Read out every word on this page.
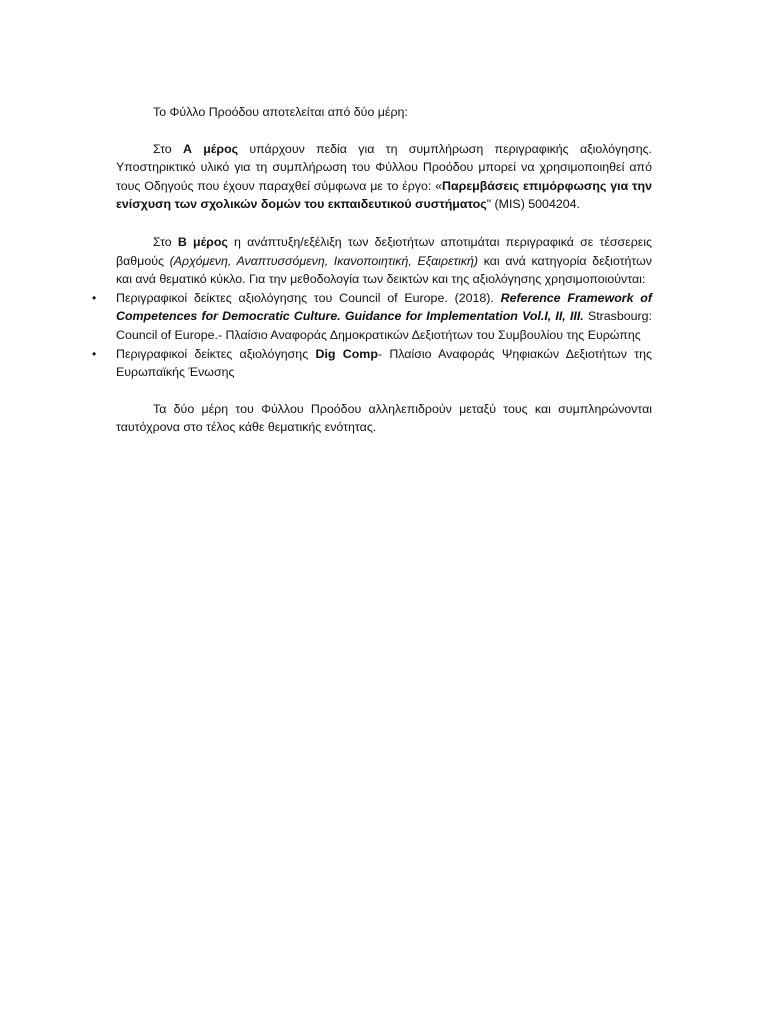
Το Φύλλο Προόδου αποτελείται από δύο μέρη:

Στο Α μέρος υπάρχουν πεδία για τη συμπλήρωση περιγραφικής αξιολόγησης. Υποστηρικτικό υλικό για τη συμπλήρωση του Φύλλου Προόδου μπορεί να χρησιμοποιηθεί από τους Οδηγούς που έχουν παραχθεί σύμφωνα με το έργο: «Παρεμβάσεις επιμόρφωσης για την ενίσχυση των σχολικών δομών του εκπαιδευτικού συστήματος" (MIS) 5004204.

Στο Β μέρος η ανάπτυξη/εξέλιξη των δεξιοτήτων αποτιμάται περιγραφικά σε τέσσερεις βαθμούς (Αρχόμενη, Αναπτυσσόμενη, Ικανοποιητική, Εξαιρετική) και ανά κατηγορία δεξιοτήτων και ανά θεματικό κύκλο. Για την μεθοδολογία των δεικτών και της αξιολόγησης χρησιμοποιούνται:

• Περιγραφικοί δείκτες αξιολόγησης του Council of Europe. (2018). Reference Framework of Competences for Democratic Culture. Guidance for Implementation Vol.I, II, III. Strasbourg: Council of Europe.- Πλαίσιο Αναφοράς Δημοκρατικών Δεξιοτήτων του Συμβουλίου της Ευρώπης
• Περιγραφικοί δείκτες αξιολόγησης Dig Comp- Πλαίσιο Αναφοράς Ψηφιακών Δεξιοτήτων της Ευρωπαϊκής Ένωσης

Τα δύο μέρη του Φύλλου Προόδου αλληλεπιδρούν μεταξύ τους και συμπληρώνονται ταυτόχρονα στο τέλος κάθε θεματικής ενότητας.
